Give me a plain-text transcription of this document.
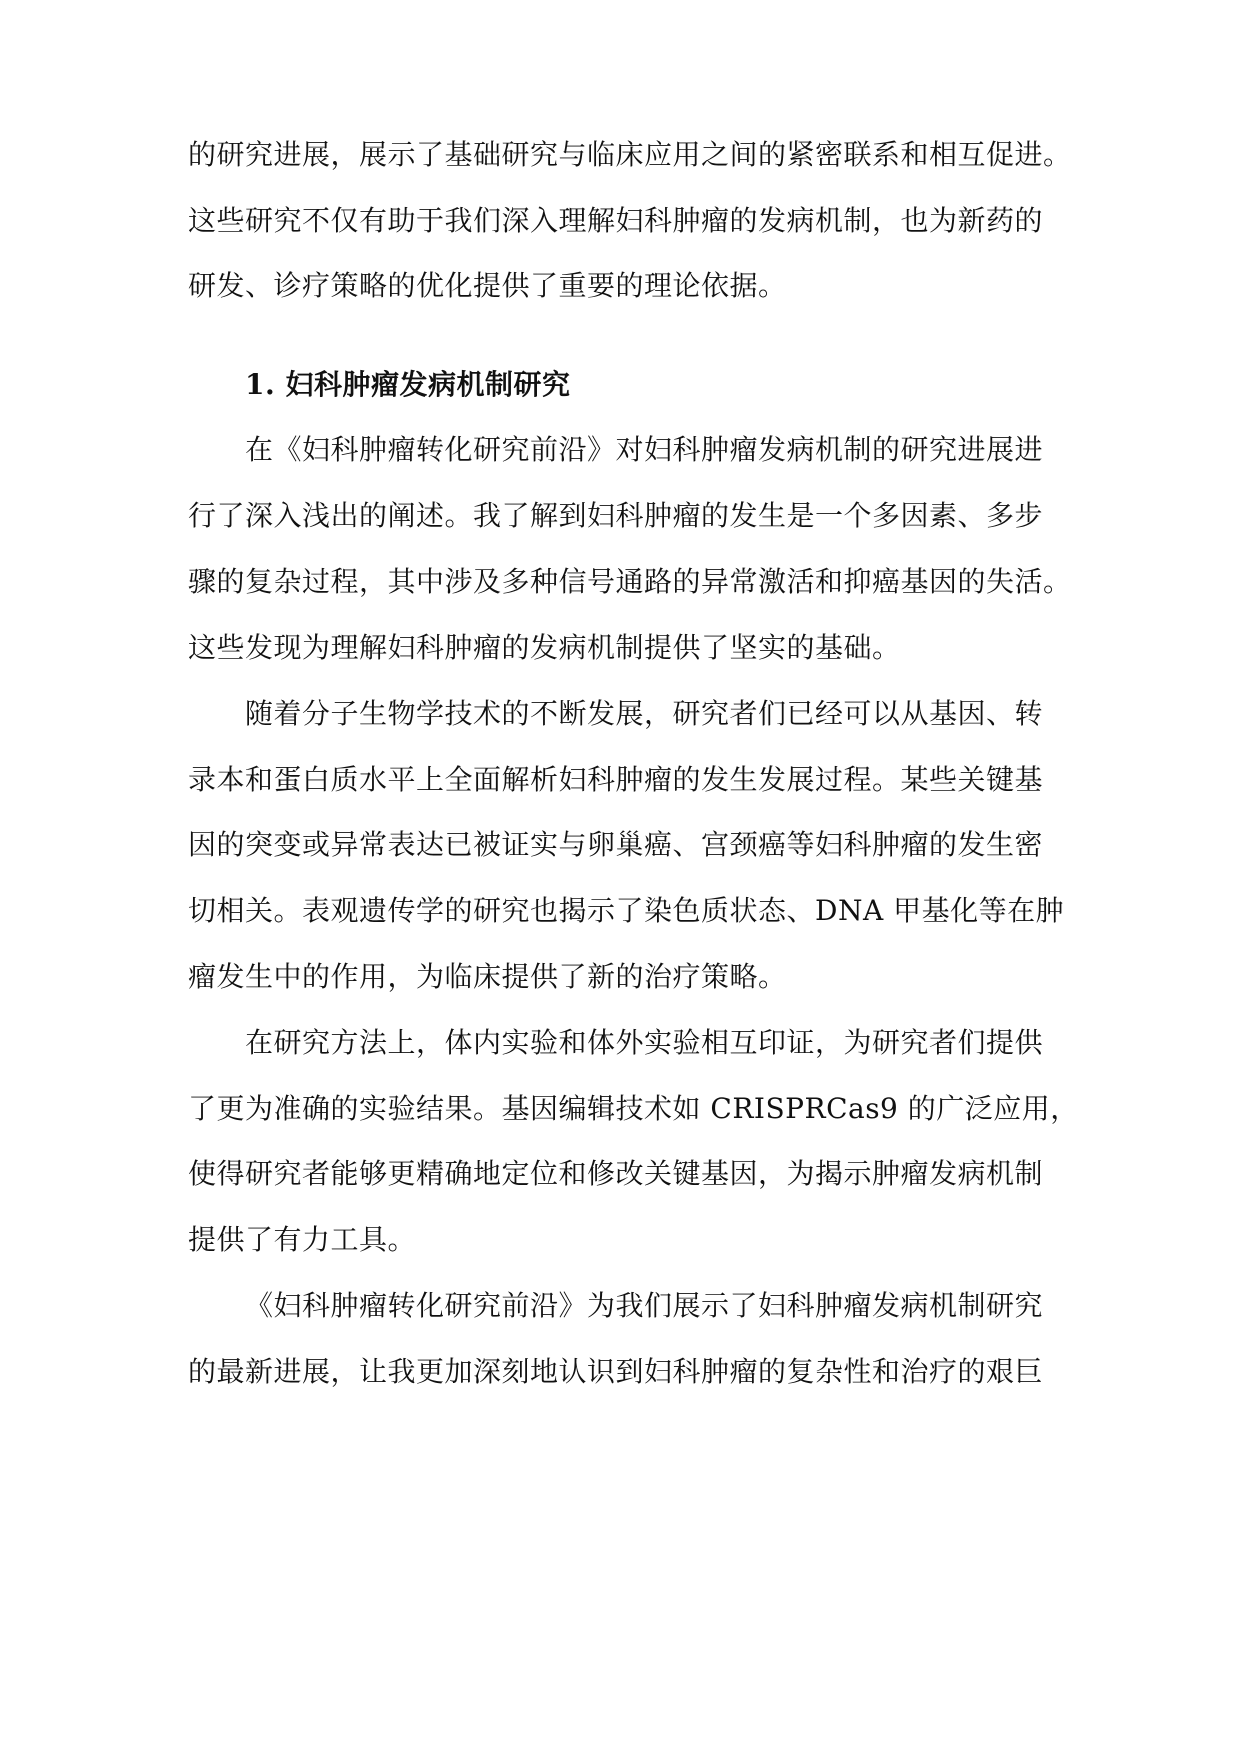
的研究进展，展示了基础研究与临床应用之间的紧密联系和相互促进。
这些研究不仅有助于我们深入理解妇科肿瘤的发病机制，也为新药的
研发、诊疗策略的优化提供了重要的理论依据。
1. 妇科肿瘤发病机制研究
在《妇科肿瘤转化研究前沿》对妇科肿瘤发病机制的研究进展进
行了深入浅出的阐述。我了解到妇科肿瘤的发生是一个多因素、多步
骤的复杂过程，其中涉及多种信号通路的异常激活和抑癌基因的失活。
这些发现为理解妇科肿瘤的发病机制提供了坚实的基础。
随着分子生物学技术的不断发展，研究者们已经可以从基因、转
录本和蛋白质水平上全面解析妇科肿瘤的发生发展过程。某些关键基
因的突变或异常表达已被证实与卵巢癌、宫颈癌等妇科肿瘤的发生密
切相关。表观遗传学的研究也揭示了染色质状态、DNA 甲基化等在肿
瘤发生中的作用，为临床提供了新的治疗策略。
在研究方法上，体内实验和体外实验相互印证，为研究者们提供
了更为准确的实验结果。基因编辑技术如 CRISPRCas9 的广泛应用，
使得研究者能够更精确地定位和修改关键基因，为揭示肿瘤发病机制
提供了有力工具。
《妇科肿瘤转化研究前沿》为我们展示了妇科肿瘤发病机制研究
的最新进展，让我更加深刻地认识到妇科肿瘤的复杂性和治疗的艰巨
